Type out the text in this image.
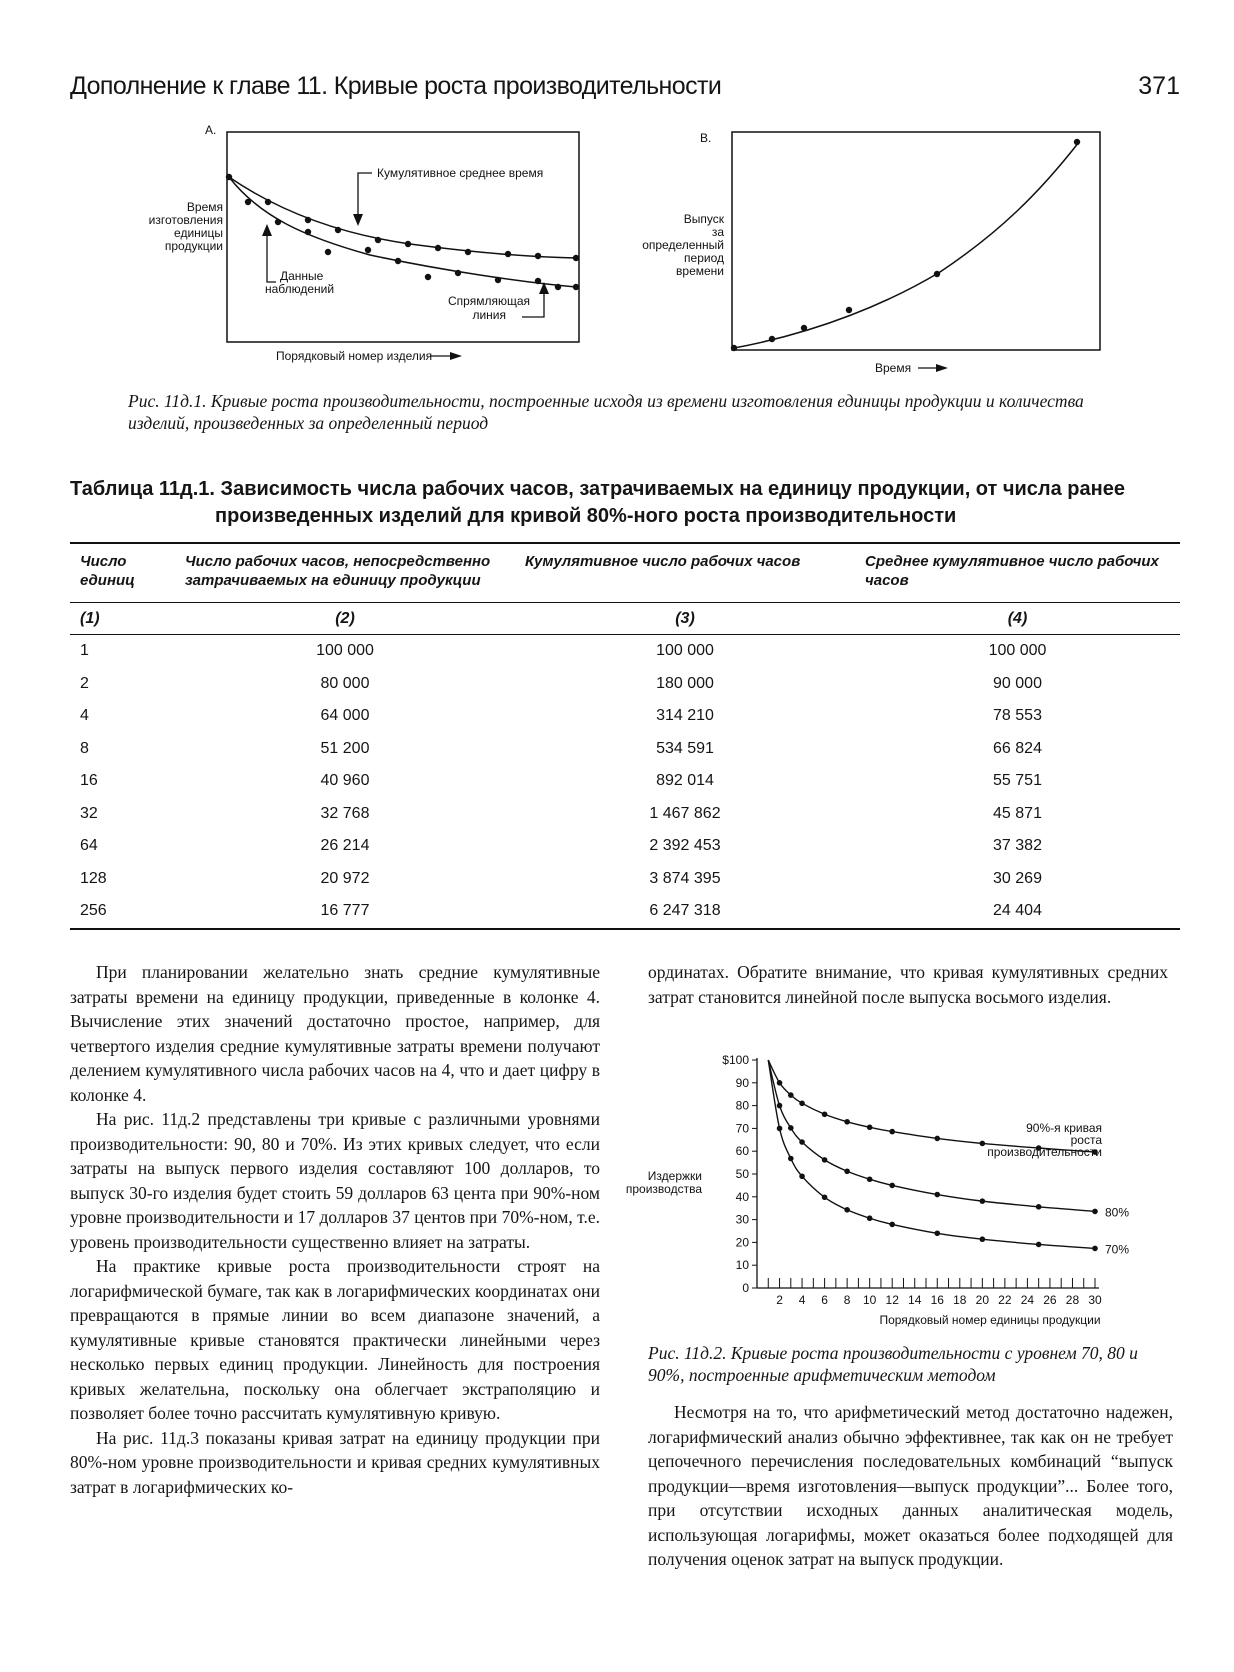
Дополнение к главе 11. Кривые роста производительности	371
А.
Время
изготовления
единицы
продукции
Кумулятивное среднее время
Данные
наблюдений
Спрямляющая
линия
Порядковый номер изделия
В.
Выпуск
за
определенный
период
времени
Время
Рис. 11д.1. Кривые роста производительности, построенные исходя из времени изготовления единицы продукции и количества изделий, произведенных за определенный период
Таблица 11д.1. Зависимость числа рабочих часов, затрачиваемых на единицу продукции, от числа ранее
произведенных изделий для кривой 80%-ного роста производительности
Число единиц	Число рабочих часов, непосредственно затрачиваемых на единицу продукции	Кумулятивное число рабочих часов	Среднее кумулятивное число рабочих часов
(1)	(2)	(3)	(4)
1	100 000	100 000	100 000
2	80 000	180 000	90 000
4	64 000	314 210	78 553
8	51 200	534 591	66 824
16	40 960	892 014	55 751
32	32 768	1 467 862	45 871
64	26 214	2 392 453	37 382
128	20 972	3 874 395	30 269
256	16 777	6 247 318	24 404

При планировании желательно знать средние кумулятивные затраты времени на единицу продукции, приведенные в колонке 4. Вычисление этих значений достаточно простое, например, для четвертого изделия средние кумулятивные затраты времени получают делением кумулятивного числа рабочих часов на 4, что и дает цифру в колонке 4.

На рис. 11д.2 представлены три кривые с различными уровнями производительности: 90, 80 и 70%. Из этих кривых следует, что если затраты на выпуск первого изделия составляют 100 долларов, то выпуск 30-го изделия будет стоить 59 долларов 63 цента при 90%-ном уровне производительности и 17 долларов 37 центов при 70%-ном, т.е. уровень производительности существенно влияет на затраты.

На практике кривые роста производительности строят на логарифмической бумаге, так как в логарифмических координатах они превращаются в прямые линии во всем диапазоне значений, а кумулятивные кривые становятся практически линейными через несколько первых единиц продукции. Линейность для построения кривых желательна, поскольку она облегчает экстраполяцию и позволяет более точно рассчитать кумулятивную кривую.

На рис. 11д.3 показаны кривая затрат на единицу продукции при 80%-ном уровне производительности и кривая средних кумулятивных затрат в логарифмических ко-

ординатах. Обратите внимание, что кривая кумулятивных средних затрат становится линейной после выпуска восьмого изделия.

Издержки
производства
0
10
20
30
40
50
60
70
80
90
$100
2 4 6 8 10 12 14 16 18 20 22 24 26 28 30
90%-я кривая
роста
производительности
80%
70%
Порядковый номер единицы продукции
Рис. 11д.2. Кривые роста производительности с уровнем 70, 80 и 90%, построенные арифметическим методом

Несмотря на то, что арифметический метод достаточно надежен, логарифмический анализ обычно эффективнее, так как он не требует цепочечного перечисления последовательных комбинаций “выпуск продукции—время изготовления—выпуск продукции”... Более того, при отсутствии исходных данных аналитическая модель, использующая логарифмы, может оказаться более подходящей для получения оценок затрат на выпуск продукции.
